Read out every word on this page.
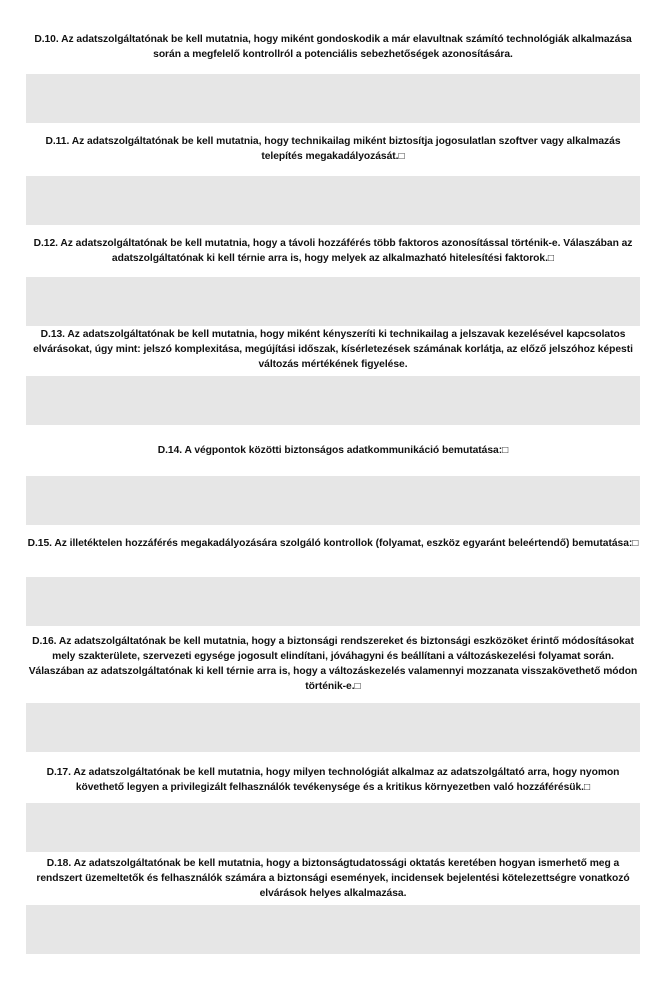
D.10. Az adatszolgáltatónak be kell mutatnia, hogy miként gondoskodik a már elavultnak számító technológiák alkalmazása során a megfelelő kontrollról a potenciális sebezhetőségek azonosítására.
D.11. Az adatszolgáltatónak be kell mutatnia, hogy technikailag miként biztosítja jogosulatlan szoftver vagy alkalmazás telepítés megakadályozását.□
D.12. Az adatszolgáltatónak be kell mutatnia, hogy a távoli hozzáférés több faktoros azonosítással történik-e. Válaszában az adatszolgáltatónak ki kell térnie arra is, hogy melyek az alkalmazható hitelesítési faktorok.□
D.13. Az adatszolgáltatónak be kell mutatnia, hogy miként kényszeríti ki technikailag a jelszavak kezelésével kapcsolatos elvárásokat, úgy mint: jelszó komplexitása, megújítási időszak, kísérletezések számának korlátja, az előző jelszóhoz képesti változás mértékének figyelése.
D.14. A végpontok közötti biztonságos adatkommunikáció bemutatása:□
D.15. Az illetéktelen hozzáférés megakadályozására szolgáló kontrollok (folyamat, eszköz egyaránt beleértendő) bemutatása:□
D.16. Az adatszolgáltatónak be kell mutatnia, hogy a biztonsági rendszereket és biztonsági eszközöket érintő módosításokat mely szakterülete, szervezeti egysége jogosult elindítani, jóváhagyni és beállítani a változáskezelési folyamat során. Válaszában az adatszolgáltatónak ki kell térnie arra is, hogy a változáskezelés valamennyi mozzanata visszakövethető módon történik-e.□
D.17. Az adatszolgáltatónak be kell mutatnia, hogy milyen technológiát alkalmaz az adatszolgáltató arra, hogy nyomon követhető legyen a privilegizált felhasználók tevékenysége és a kritikus környezetben való hozzáférésük.□
D.18. Az adatszolgáltatónak be kell mutatnia, hogy a biztonságtudatossági oktatás keretében hogyan ismerhető meg a rendszert üzemeltetők és felhasználók számára a biztonsági események, incidensek bejelentési kötelezettségre vonatkozó elvárások helyes alkalmazása.
